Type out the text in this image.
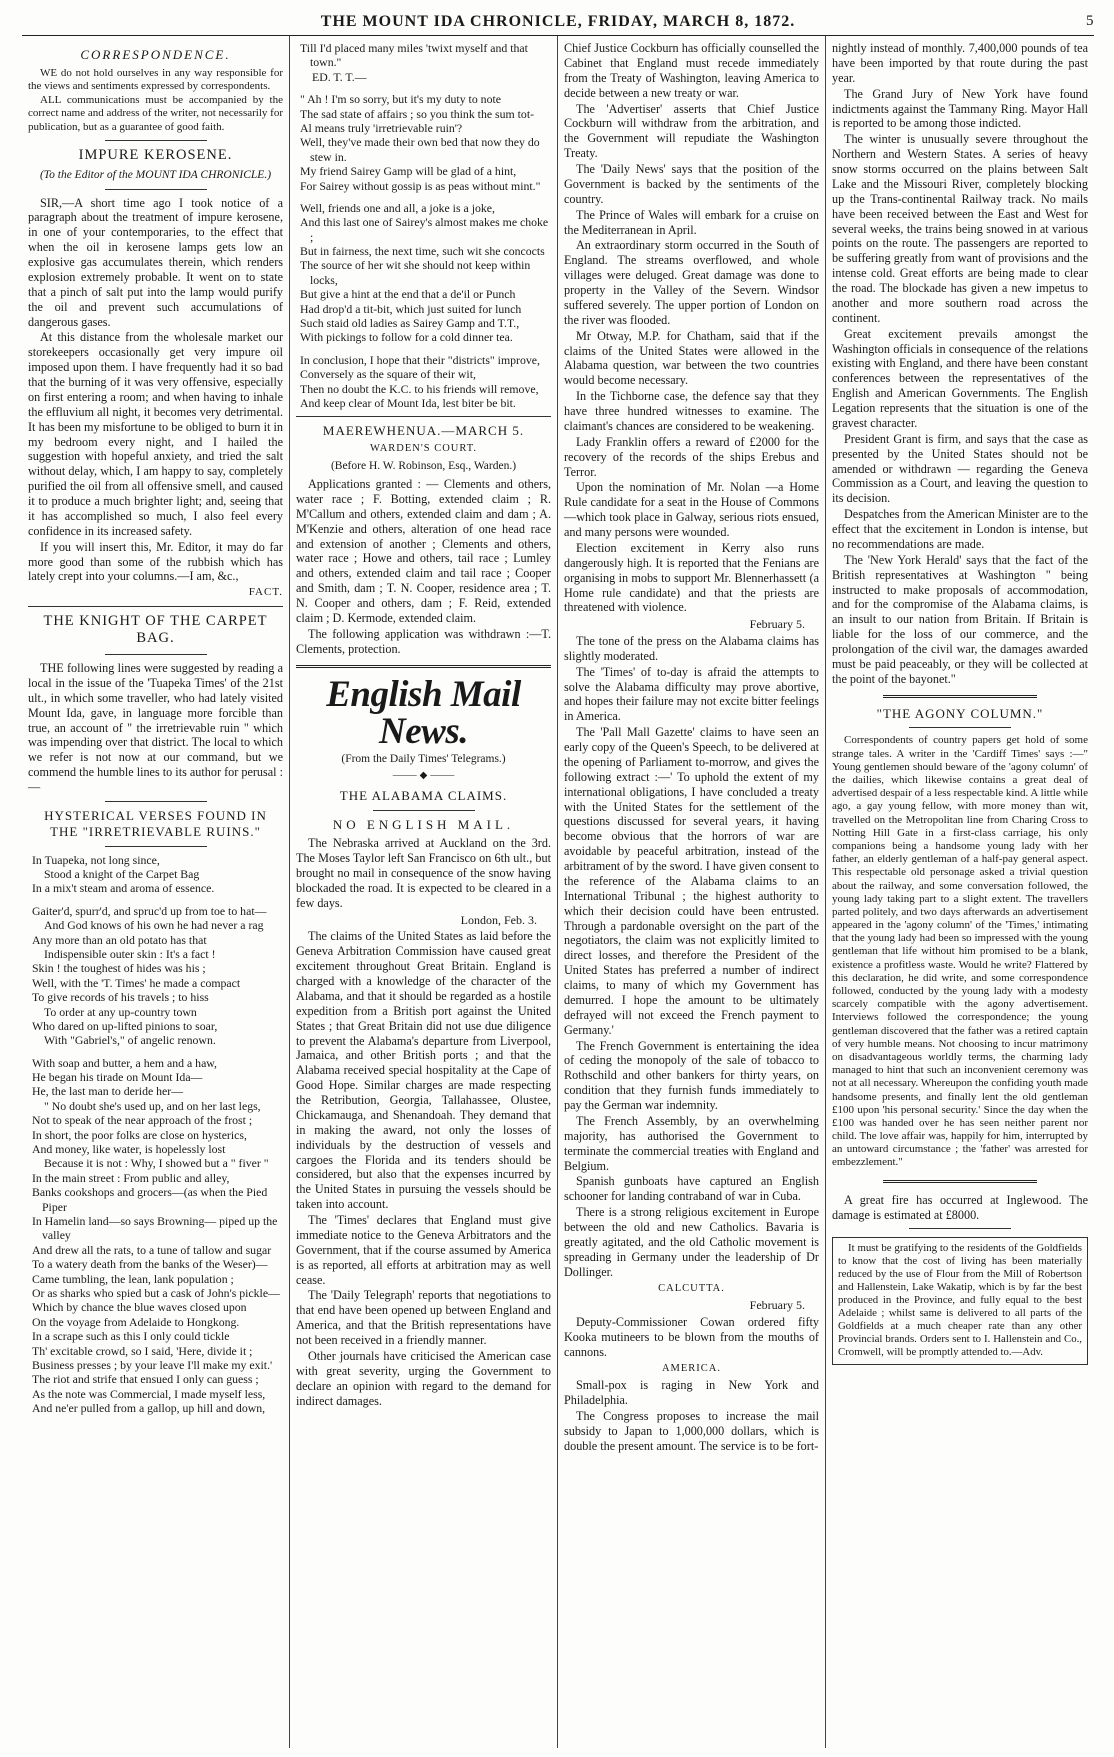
THE MOUNT IDA CHRONICLE, FRIDAY, MARCH 8, 1872.	5
CORRESPONDENCE.

WE do not hold ourselves in any way responsible for the views and sentiments expressed by correspondents.

ALL communications must be accompanied by the correct name and address of the writer, not necessarily for publication, but as a guarantee of good faith.

IMPURE KEROSENE.
(To the Editor of the MOUNT IDA CHRONICLE.)

SIR,—A short time ago I took notice of a paragraph about the treatment of impure kerosene, in one of your contemporaries, to the effect that when the oil in kerosene lamps gets low an explosive gas accumulates therein, which renders explosion extremely probable. It went on to state that a pinch of salt put into the lamp would purify the oil and prevent such accumulations of dangerous gases.

At this distance from the wholesale market our storekeepers occasionally get very impure oil imposed upon them. I have frequently had it so bad that the burning of it was very offensive, especially on first entering a room; and when having to inhale the effluvium all night, it becomes very detrimental. It has been my misfortune to be obliged to burn it in my bedroom every night, and I hailed the suggestion with hopeful anxiety, and tried the salt without delay, which, I am happy to say, completely purified the oil from all offensive smell, and caused it to produce a much brighter light; and, seeing that it has accomplished so much, I also feel every confidence in its increased safety.

If you will insert this, Mr. Editor, it may do far more good than some of the rubbish which has lately crept into your columns.—I am, &c.,

FACT.
THE KNIGHT OF THE CARPET BAG.

THE following lines were suggested by reading a local in the issue of the 'Tuapeka Times' of the 21st ult., in which some traveller, who had lately visited Mount Ida, gave, in language more forcible than true, an account of " the irretrievable ruin " which was impending over that district. The local to which we refer is not now at our command, but we commend the humble lines to its author for perusal :—

HYSTERICAL VERSES FOUND IN THE "IRRETRIEVABLE RUINS."
In Tuapeka, not long since,
Stood a knight of the Carpet Bag
In a mix't steam and aroma of essence.
Gaiter'd, spurr'd, and spruc'd up from toe to hat—
And God knows of his own he had never a rag
Any more than an old potato has that
Indispensible outer skin : It's a fact !
Skin ! the toughest of hides was his ;
Well, with the 'T. Times' he made a compact
To give records of his travels ; to hiss
To order at any up-country town
Who dared on up-lifted pinions to soar,
With "Gabriel's," of angelic renown.
With soap and butter, a hem and a haw,
He began his tirade on Mount Ida—
He, the last man to deride her—
" No doubt she's used up, and on her last legs,
Not to speak of the near approach of the frost ;
In short, the poor folks are close on hysterics,
And money, like water, is hopelessly lost
Because it is not : Why, I showed but a " fiver "
In the main street : From public and alley,
Banks cookshops and grocers—(as when the Pied Piper
In Hamelin land—so says Browning— piped up the valley
And drew all the rats, to a tune of tallow and sugar
To a watery death from the banks of the Weser)—
Came tumbling, the lean, lank population ;
Or as sharks who spied but a cask of John's pickle—
Which by chance the blue waves closed upon
On the voyage from Adelaide to Hongkong.
In a scrape such as this I only could tickle
Th' excitable crowd, so I said, 'Here, divide it ;
Business presses ; by your leave I'll make my exit.'
The riot and strife that ensued I only can guess ;
As the note was Commercial, I made myself less,
And ne'er pulled from a gallop, up hill and down,
Till I'd placed many miles 'twixt myself and that town."
ED. T. T.—
" Ah ! I'm so sorry, but it's my duty to note
The sad state of affairs ; so you think the sum tot-
Al means truly 'irretrievable ruin'?
Well, they've made their own bed that now they do stew in.
My friend Sairey Gamp will be glad of a hint,
For Sairey without gossip is as peas without mint."
Well, friends one and all, a joke is a joke,
And this last one of Sairey's almost makes me choke ;
But in fairness, the next time, such wit she concocts
The source of her wit she should not keep within locks,
But give a hint at the end that a de'il or Punch
Had drop'd a tit-bit, which just suited for lunch
Such staid old ladies as Sairey Gamp and T.T.,
With pickings to follow for a cold dinner tea.
In conclusion, I hope that their "districts" improve,
Conversely as the square of their wit,
Then no doubt the K.C. to his friends will remove,
And keep clear of Mount Ida, lest biter be bit.
MAEREWHENUA.—MARCH 5.
WARDEN'S COURT.
(Before H. W. Robinson, Esq., Warden.)

Applications granted : — Clements and others, water race ; F. Botting, extended claim ; R. M'Callum and others, extended claim and dam ; A. M'Kenzie and others, alteration of one head race and extension of another ; Clements and others, water race ; Howe and others, tail race ; Lumley and others, extended claim and tail race ; Cooper and Smith, dam ; T. N. Cooper, residence area ; T. N. Cooper and others, dam ; F. Reid, extended claim ; D. Kermode, extended claim.

The following application was withdrawn :—T. Clements, protection.

English Mail News.
(From the Daily Times' Telegrams.)
⸻ ◆ ⸻
THE ALABAMA CLAIMS.
NO ENGLISH MAIL.

The Nebraska arrived at Auckland on the 3rd. The Moses Taylor left San Francisco on 6th ult., but brought no mail in consequence of the snow having blockaded the road. It is expected to be cleared in a few days.

London, Feb. 3.

The claims of the United States as laid before the Geneva Arbitration Commission have caused great excitement throughout Great Britain. England is charged with a knowledge of the character of the Alabama, and that it should be regarded as a hostile expedition from a British port against the United States ; that Great Britain did not use due diligence to prevent the Alabama's departure from Liverpool, Jamaica, and other British ports ; and that the Alabama received special hospitality at the Cape of Good Hope. Similar charges are made respecting the Retribution, Georgia, Tallahassee, Olustee, Chickamauga, and Shenandoah. They demand that in making the award, not only the losses of individuals by the destruction of vessels and cargoes the Florida and its tenders should be considered, but also that the expenses incurred by the United States in pursuing the vessels should be taken into account.

The 'Times' declares that England must give immediate notice to the Geneva Arbitrators and the Government, that if the course assumed by America is as reported, all efforts at arbitration may as well cease.

The 'Daily Telegraph' reports that negotiations to that end have been opened up between England and America, and that the British representations have not been received in a friendly manner.

Other journals have criticised the American case with great severity, urging the Government to declare an opinion with regard to the demand for indirect damages.

Chief Justice Cockburn has officially counselled the Cabinet that England must recede immediately from the Treaty of Washington, leaving America to decide between a new treaty or war.

The 'Advertiser' asserts that Chief Justice Cockburn will withdraw from the arbitration, and the Government will repudiate the Washington Treaty.

The 'Daily News' says that the position of the Government is backed by the sentiments of the country.

The Prince of Wales will embark for a cruise on the Mediterranean in April.

An extraordinary storm occurred in the South of England. The streams overflowed, and whole villages were deluged. Great damage was done to property in the Valley of the Severn. Windsor suffered severely. The upper portion of London on the river was flooded.

Mr Otway, M.P. for Chatham, said that if the claims of the United States were allowed in the Alabama question, war between the two countries would become necessary.

In the Tichborne case, the defence say that they have three hundred witnesses to examine. The claimant's chances are considered to be weakening.

Lady Franklin offers a reward of £2000 for the recovery of the records of the ships Erebus and Terror.

Upon the nomination of Mr. Nolan —a Home Rule candidate for a seat in the House of Commons—which took place in Galway, serious riots ensued, and many persons were wounded.

Election excitement in Kerry also runs dangerously high. It is reported that the Fenians are organising in mobs to support Mr. Blennerhassett (a Home rule candidate) and that the priests are threatened with violence.

February 5.

The tone of the press on the Alabama claims has slightly moderated.

The 'Times' of to-day is afraid the attempts to solve the Alabama difficulty may prove abortive, and hopes their failure may not excite bitter feelings in America.

The 'Pall Mall Gazette' claims to have seen an early copy of the Queen's Speech, to be delivered at the opening of Parliament to-morrow, and gives the following extract :—' To uphold the extent of my international obligations, I have concluded a treaty with the United States for the settlement of the questions discussed for several years, it having become obvious that the horrors of war are avoidable by peaceful arbitration, instead of the arbitrament of by the sword. I have given consent to the reference of the Alabama claims to an International Tribunal ; the highest authority to which their decision could have been entrusted. Through a pardonable oversight on the part of the negotiators, the claim was not explicitly limited to direct losses, and therefore the President of the United States has preferred a number of indirect claims, to many of which my Government has demurred. I hope the amount to be ultimately defrayed will not exceed the French payment to Germany.'

The French Government is entertaining the idea of ceding the monopoly of the sale of tobacco to Rothschild and other bankers for thirty years, on condition that they furnish funds immediately to pay the German war indemnity.

The French Assembly, by an overwhelming majority, has authorised the Government to terminate the commercial treaties with England and Belgium.

Spanish gunboats have captured an English schooner for landing contraband of war in Cuba.

There is a strong religious excitement in Europe between the old and new Catholics. Bavaria is greatly agitated, and the old Catholic movement is spreading in Germany under the leadership of Dr Dollinger.

CALCUTTA.
February 5.

Deputy-Commissioner Cowan ordered fifty Kooka mutineers to be blown from the mouths of cannons.

AMERICA.

Small-pox is raging in New York and Philadelphia.

The Congress proposes to increase the mail subsidy to Japan to 1,000,000 dollars, which is double the present amount. The service is to be fort-

nightly instead of monthly. 7,400,000 pounds of tea have been imported by that route during the past year.

The Grand Jury of New York have found indictments against the Tammany Ring. Mayor Hall is reported to be among those indicted.

The winter is unusually severe throughout the Northern and Western States. A series of heavy snow storms occurred on the plains between Salt Lake and the Missouri River, completely blocking up the Trans-continental Railway track. No mails have been received between the East and West for several weeks, the trains being snowed in at various points on the route. The passengers are reported to be suffering greatly from want of provisions and the intense cold. Great efforts are being made to clear the road. The blockade has given a new impetus to another and more southern road across the continent.

Great excitement prevails amongst the Washington officials in consequence of the relations existing with England, and there have been constant conferences between the representatives of the English and American Governments. The English Legation represents that the situation is one of the gravest character.

President Grant is firm, and says that the case as presented by the United States should not be amended or withdrawn — regarding the Geneva Commission as a Court, and leaving the question to its decision.

Despatches from the American Minister are to the effect that the excitement in London is intense, but no recommendations are made.

The 'New York Herald' says that the fact of the British representatives at Washington " being instructed to make proposals of accommodation, and for the compromise of the Alabama claims, is an insult to our nation from Britain. If Britain is liable for the loss of our commerce, and the prolongation of the civil war, the damages awarded must be paid peaceably, or they will be collected at the point of the bayonet."

"THE AGONY COLUMN."

Correspondents of country papers get hold of some strange tales. A writer in the 'Cardiff Times' says :—" Young gentlemen should beware of the 'agony column' of the dailies, which likewise contains a great deal of advertised despair of a less respectable kind. A little while ago, a gay young fellow, with more money than wit, travelled on the Metropolitan line from Charing Cross to Notting Hill Gate in a first-class carriage, his only companions being a handsome young lady with her father, an elderly gentleman of a half-pay general aspect. This respectable old personage asked a trivial question about the railway, and some conversation followed, the young lady taking part to a slight extent. The travellers parted politely, and two days afterwards an advertisement appeared in the 'agony column' of the 'Times,' intimating that the young lady had been so impressed with the young gentleman that life without him promised to be a blank, existence a profitless waste. Would he write? Flattered by this declaration, he did write, and some correspondence followed, conducted by the young lady with a modesty scarcely compatible with the agony advertisement. Interviews followed the correspondence; the young gentleman discovered that the father was a retired captain of very humble means. Not choosing to incur matrimony on disadvantageous worldly terms, the charming lady managed to hint that such an inconvenient ceremony was not at all necessary. Whereupon the confiding youth made handsome presents, and finally lent the old gentleman £100 upon 'his personal security.' Since the day when the £100 was handed over he has seen neither parent nor child. The love affair was, happily for him, interrupted by an untoward circumstance ; the 'father' was arrested for embezzlement."

A great fire has occurred at Inglewood. The damage is estimated at £8000.

It must be gratifying to the residents of the Goldfields to know that the cost of living has been materially reduced by the use of Flour from the Mill of Robertson and Hallenstein, Lake Wakatip, which is by far the best produced in the Province, and fully equal to the best Adelaide ; whilst same is delivered to all parts of the Goldfields at a much cheaper rate than any other Provincial brands. Orders sent to I. Hallenstein and Co., Cromwell, will be promptly attended to.—Adv.
